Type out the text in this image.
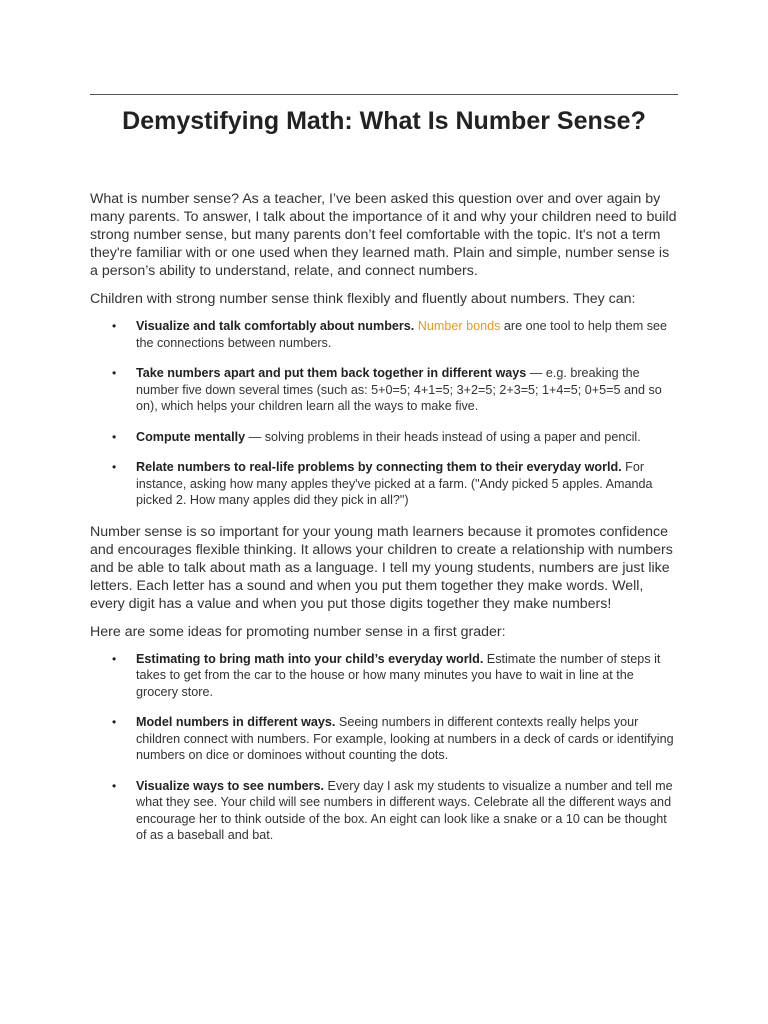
Demystifying Math: What Is Number Sense?

What is number sense? As a teacher, I’ve been asked this question over and over again by many parents. To answer, I talk about the importance of it and why your children need to build strong number sense, but many parents don’t feel comfortable with the topic. It's not a term they're familiar with or one used when they learned math. Plain and simple, number sense is a person’s ability to understand, relate, and connect numbers.

Children with strong number sense think flexibly and fluently about numbers. They can:

• Visualize and talk comfortably about numbers. Number bonds are one tool to help them see the connections between numbers.
• Take numbers apart and put them back together in different ways — e.g. breaking the number five down several times (such as: 5+0=5; 4+1=5; 3+2=5; 2+3=5; 1+4=5; 0+5=5 and so on), which helps your children learn all the ways to make five.
• Compute mentally — solving problems in their heads instead of using a paper and pencil.
• Relate numbers to real-life problems by connecting them to their everyday world. For instance, asking how many apples they've picked at a farm. ("Andy picked 5 apples. Amanda picked 2. How many apples did they pick in all?")

Number sense is so important for your young math learners because it promotes confidence and encourages flexible thinking. It allows your children to create a relationship with numbers and be able to talk about math as a language. I tell my young students, numbers are just like letters. Each letter has a sound and when you put them together they make words. Well, every digit has a value and when you put those digits together they make numbers!

Here are some ideas for promoting number sense in a first grader:

• Estimating to bring math into your child’s everyday world. Estimate the number of steps it takes to get from the car to the house or how many minutes you have to wait in line at the grocery store.
• Model numbers in different ways. Seeing numbers in different contexts really helps your children connect with numbers. For example, looking at numbers in a deck of cards or identifying numbers on dice or dominoes without counting the dots.
• Visualize ways to see numbers. Every day I ask my students to visualize a number and tell me what they see. Your child will see numbers in different ways. Celebrate all the different ways and encourage her to think outside of the box. An eight can look like a snake or a 10 can be thought of as a baseball and bat.
